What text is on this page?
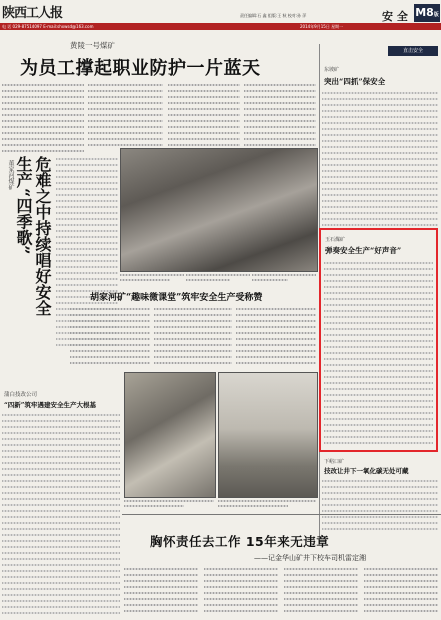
陕西工人报
电 话 029-87514097 E-mail:shxwsd@163.com
责任编辑:石 鑫 组版:王 秋 校对:孙 萍
2014年9月15日 星期一
安 全 M8版
黄陵一号煤矿
为员工撑起职业防护一片蓝天
董家河煤矿	危难之中持续唱好安全生产“四季歌”
胡家河矿“趣味微课堂”筑牢安全生产受称赞
蒲白技改公司
“四新”筑牢遇建安全生产大根基
直击安全
东坡矿
突出“四抓”保安全
玉石煤矿
弹奏安全生产“好声音”
下峪口矿
技改让井下一氧化碳无处可藏
胸怀责任去工作 15年来无违章
——记金华山矿井下校车司机雷定湘
